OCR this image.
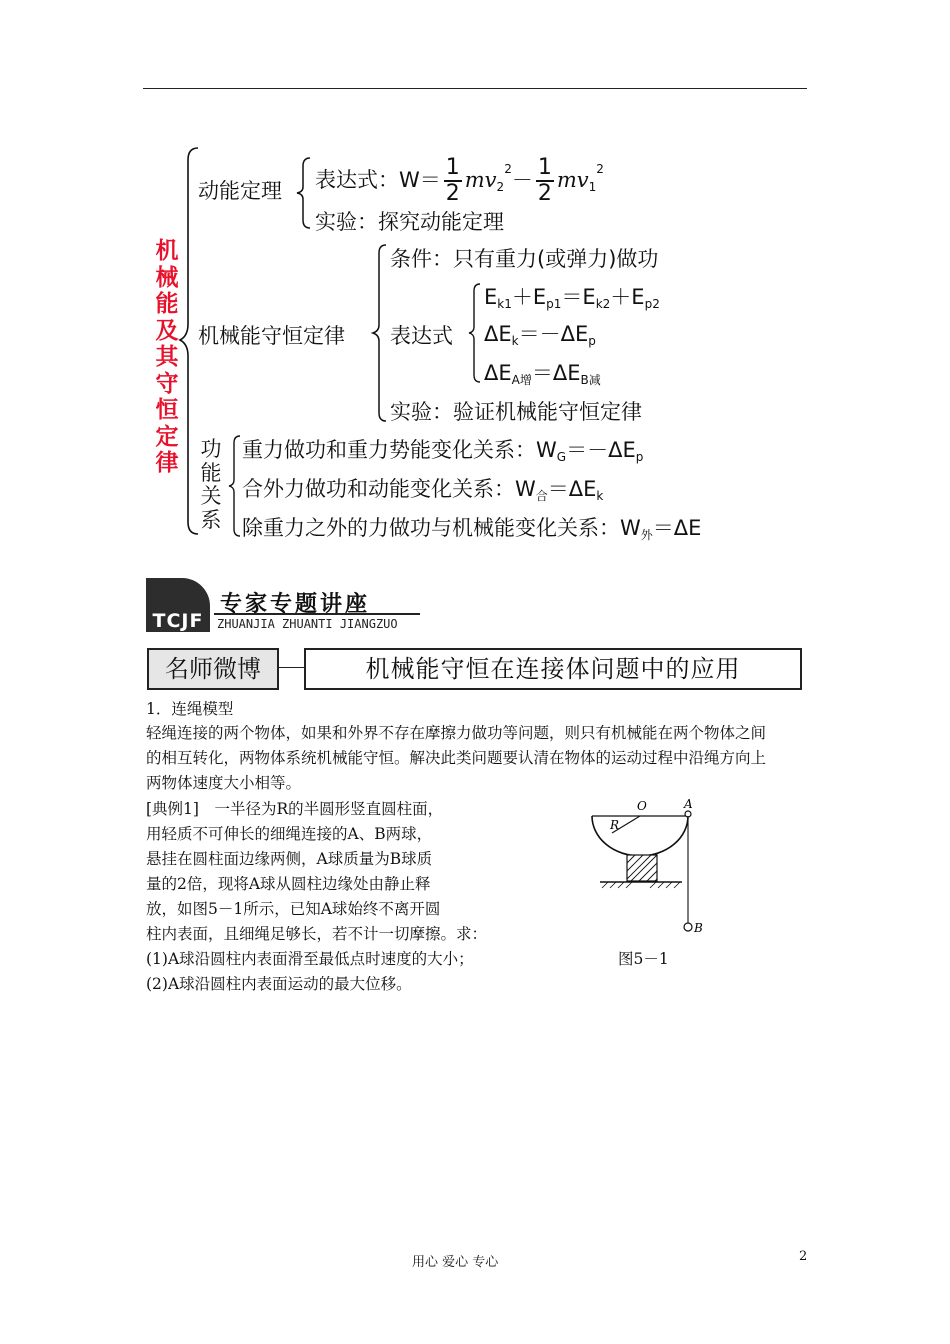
机械能及其守恒定律
动能定理 表达式：$W= \frac{1}{2} mv_2^2- \frac{1}{2} mv_1^2$
实验：探究动能定理
机械能守恒定律
条件：只有重力(或弹力)做功
表达式
$E_{k1}+E_{p1}=E_{k2}+E_{p2}$
$\Delta E_k=-\Delta E_p$
$\Delta E_{A增}=\Delta E_{B减}$
实验：验证机械能守恒定律
功能关系
重力做功和重力势能变化关系：$W_G=-\Delta E_p$
合外力做功和动能变化关系：$W_合=\Delta E_k$
除重力之外的力做功与机械能变化关系：$W_外=\Delta E$
TCJF
专家专题讲座
ZHUANJIA ZHUANTI JIANGZUO
名师微博	机械能守恒在连接体问题中的应用
1．连绳模型
轻绳连接的两个物体，如果和外界不存在摩擦力做功等问题，则只有机械能在两个物体之间
的相互转化，两物体系统机械能守恒。解决此类问题要认清在物体的运动过程中沿绳方向上
两物体速度大小相等。
[典例1]　一半径为R的半圆形竖直圆柱面，
用轻质不可伸长的细绳连接的A、B两球，
悬挂在圆柱面边缘两侧，A球质量为B球质
量的2倍，现将A球从圆柱边缘处由静止释
放，如图5－1所示，已知A球始终不离开圆
柱内表面，且细绳足够长，若不计一切摩擦。求：
(1)A球沿圆柱内表面滑至最低点时速度的大小；
(2)A球沿圆柱内表面运动的最大位移。
图5－1
O	A
R
B
用心 爱心 专心	2
